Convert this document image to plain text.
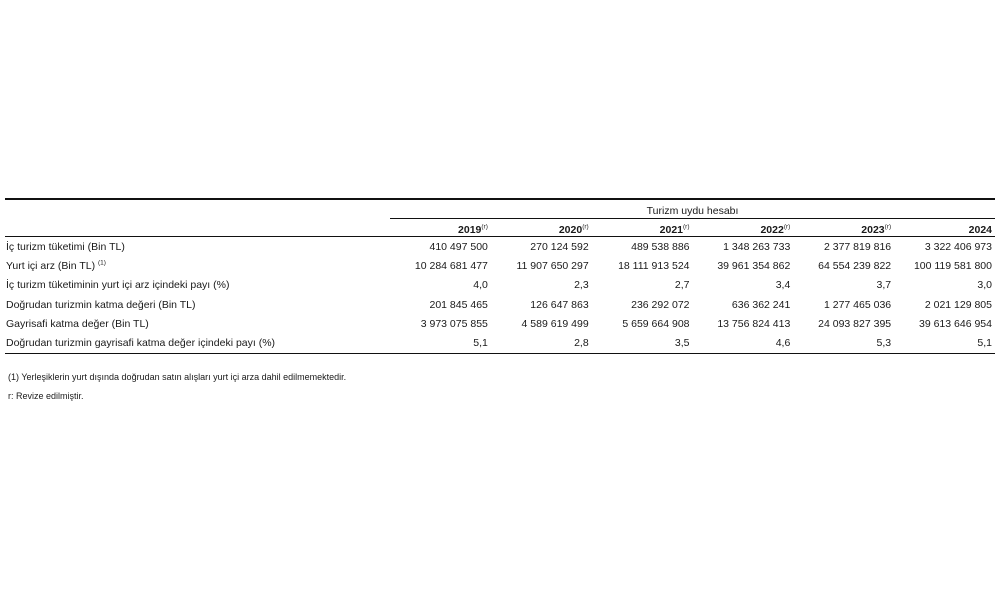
	Turizm uydu hesabı					
	2019$^{(r)}$	2020$^{(r)}$	2021$^{(r)}$	2022$^{(r)}$	2023$^{(r)}$	2024
İç turizm tüketimi (Bin TL)	410 497 500	270 124 592	489 538 886	1 348 263 733	2 377 819 816	3 322 406 973
Yurt içi arz (Bin TL) $^{(1)}$	10 284 681 477	11 907 650 297	18 111 913 524	39 961 354 862	64 554 239 822	100 119 581 800
İç turizm tüketiminin yurt içi arz içindeki payı (%)	4,0	2,3	2,7	3,4	3,7	3,0
Doğrudan turizmin katma değeri (Bin TL)	201 845 465	126 647 863	236 292 072	636 362 241	1 277 465 036	2 021 129 805
Gayrisafi katma değer (Bin TL)	3 973 075 855	4 589 619 499	5 659 664 908	13 756 824 413	24 093 827 395	39 613 646 954
Doğrudan turizmin gayrisafi katma değer içindeki payı (%)	5,1	2,8	3,5	4,6	5,3	5,1
(1) Yerleşiklerin yurt dışında doğrudan satın alışları yurt içi arza dahil edilmemektedir.
r: Revize edilmiştir.
